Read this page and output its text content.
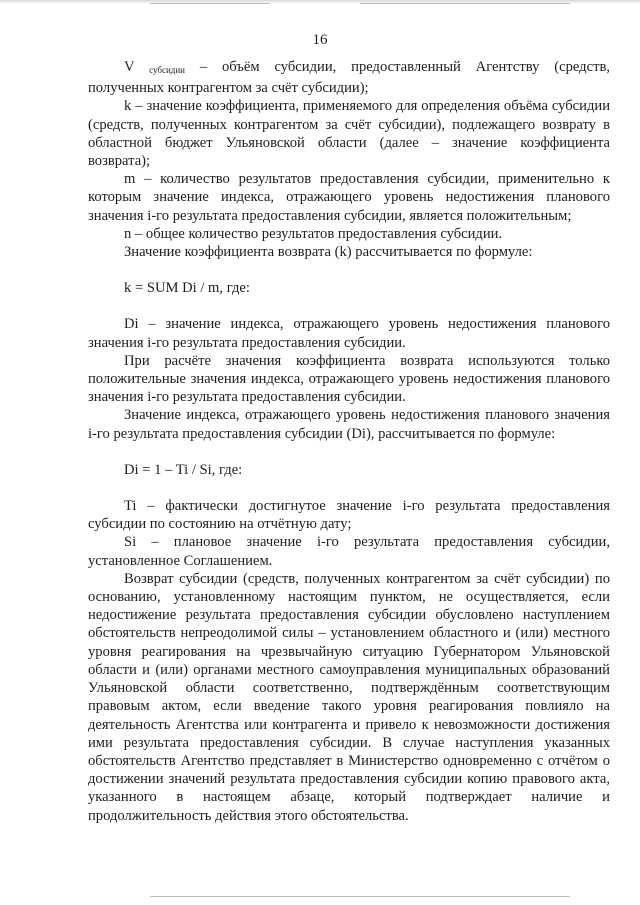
16

V субсидии – объём субсидии, предоставленный Агентству (средств, полученных контрагентом за счёт субсидии);

k – значение коэффициента, применяемого для определения объёма субсидии (средств, полученных контрагентом за счёт субсидии), подлежащего возврату в областной бюджет Ульяновской области (далее – значение коэффициента возврата);

m – количество результатов предоставления субсидии, применительно к которым значение индекса, отражающего уровень недостижения планового значения i-го результата предоставления субсидии, является положительным;

n – общее количество результатов предоставления субсидии.

Значение коэффициента возврата (k) рассчитывается по формуле:

k = SUM Di / m, где:

Di – значение индекса, отражающего уровень недостижения планового значения i-го результата предоставления субсидии.

При расчёте значения коэффициента возврата используются только положительные значения индекса, отражающего уровень недостижения планового значения i-го результата предоставления субсидии.

Значение индекса, отражающего уровень недостижения планового значения i-го результата предоставления субсидии (Di), рассчитывается по формуле:

Di = 1 – Ti / Si, где:

Ti – фактически достигнутое значение i-го результата предоставления субсидии по состоянию на отчётную дату;

Si – плановое значение i-го результата предоставления субсидии, установленное Соглашением.

Возврат субсидии (средств, полученных контрагентом за счёт субсидии) по основанию, установленному настоящим пунктом, не осуществляется, если недостижение результата предоставления субсидии обусловлено наступлением обстоятельств непреодолимой силы – установлением областного и (или) местного уровня реагирования на чрезвычайную ситуацию Губернатором Ульяновской области и (или) органами местного самоуправления муниципальных образований Ульяновской области соответственно, подтверждённым соответствующим правовым актом, если введение такого уровня реагирования повлияло на деятельность Агентства или контрагента и привело к невозможности достижения ими результата предоставления субсидии. В случае наступления указанных обстоятельств Агентство представляет в Министерство одновременно с отчётом о достижении значений результата предоставления субсидии копию правового акта, указанного в настоящем абзаце, который подтверждает наличие и продолжительность действия этого обстоятельства.
